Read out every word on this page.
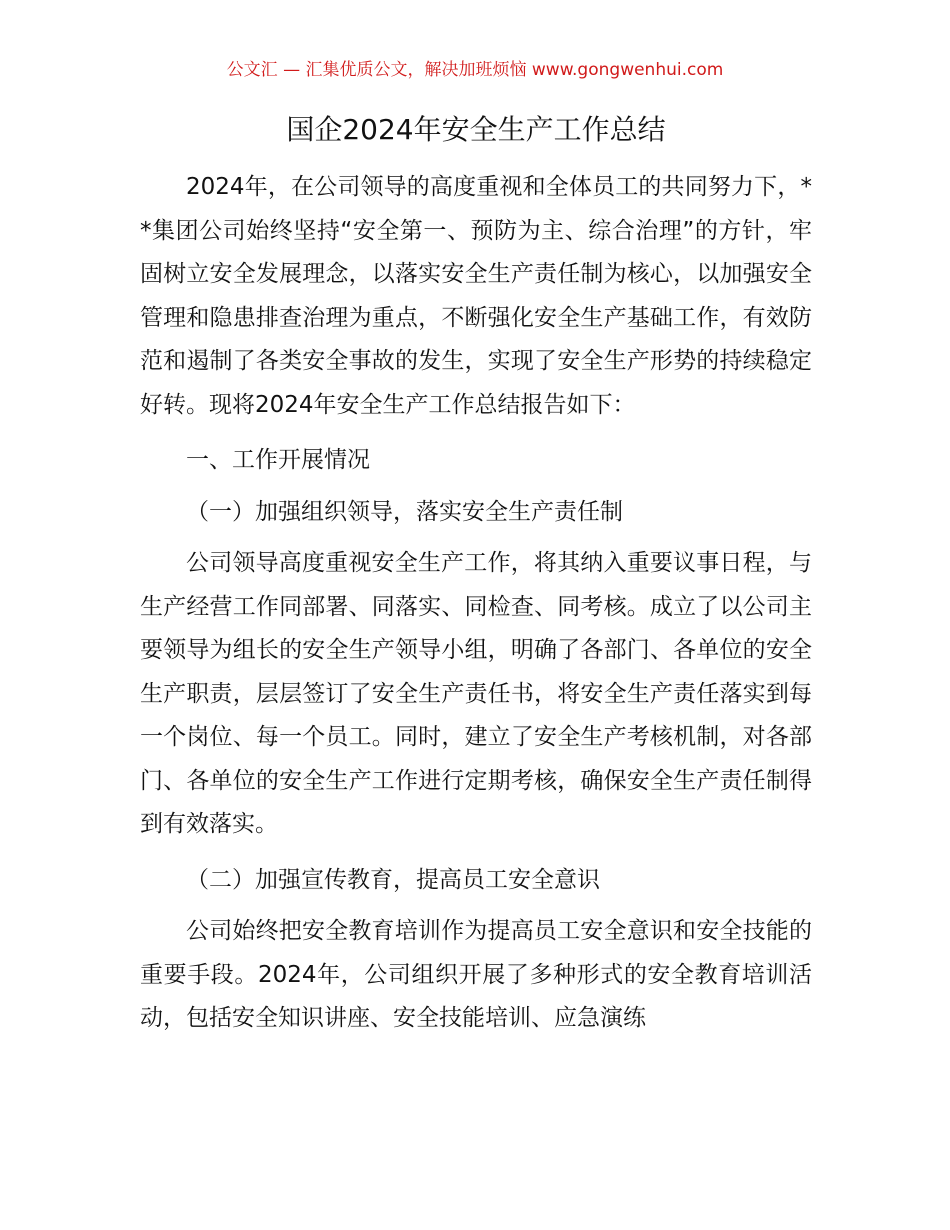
公文汇 — 汇集优质公文，解决加班烦恼 www.gongwenhui.com
国企2024年安全生产工作总结

2024年，在公司领导的高度重视和全体员工的共同努力下，**集团公司始终坚持“安全第一、预防为主、综合治理”的方针，牢固树立安全发展理念，以落实安全生产责任制为核心，以加强安全管理和隐患排查治理为重点，不断强化安全生产基础工作，有效防范和遏制了各类安全事故的发生，实现了安全生产形势的持续稳定好转。现将2024年安全生产工作总结报告如下：

一、工作开展情况
（一）加强组织领导，落实安全生产责任制

公司领导高度重视安全生产工作，将其纳入重要议事日程，与生产经营工作同部署、同落实、同检查、同考核。成立了以公司主要领导为组长的安全生产领导小组，明确了各部门、各单位的安全生产职责，层层签订了安全生产责任书，将安全生产责任落实到每一个岗位、每一个员工。同时，建立了安全生产考核机制，对各部门、各单位的安全生产工作进行定期考核，确保安全生产责任制得到有效落实。

（二）加强宣传教育，提高员工安全意识

公司始终把安全教育培训作为提高员工安全意识和安全技能的重要手段。2024年，公司组织开展了多种形式的安全教育培训活动，包括安全知识讲座、安全技能培训、应急演练
